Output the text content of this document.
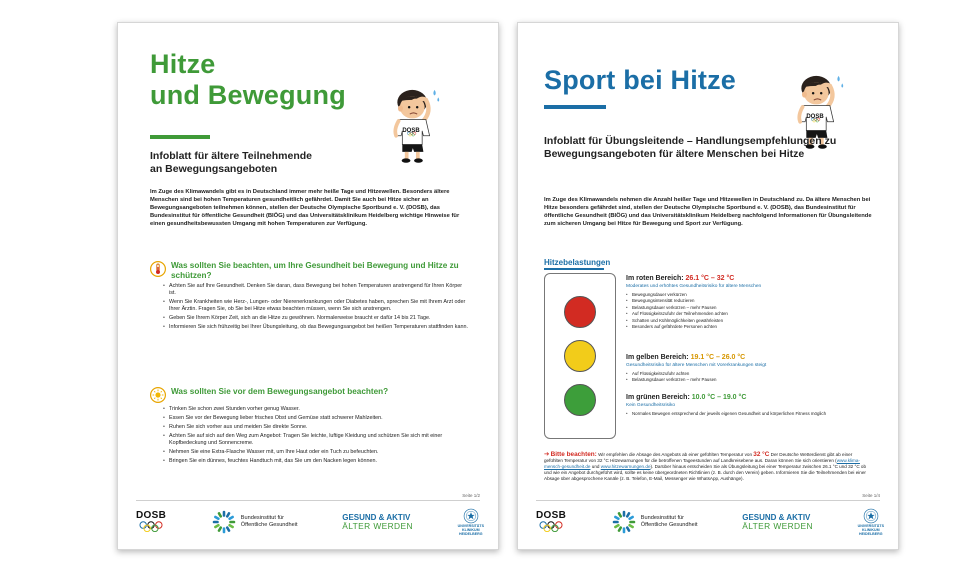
Hitze
und Bewegung
DOSB
Infoblatt für ältere Teilnehmende
an Bewegungsangeboten

Im Zuge des Klimawandels gibt es in Deutschland immer mehr heiße Tage und Hitzewellen. Besonders ältere Menschen sind bei hohen Temperaturen gesundheitlich gefährdet. Damit Sie auch bei Hitze sicher an Bewegungsangeboten teilnehmen können, stellen der Deutsche Olympische Sportbund e. V. (DOSB), das Bundesinstitut für öffentliche Gesundheit (BIÖG) und das Universitätsklinikum Heidelberg wichtige Hinweise für einen gesundheitsbewussten Umgang mit hohen Temperaturen zur Verfügung.

Was sollten Sie beachten, um Ihre Gesundheit bei Bewegung und Hitze zu schützen?
• Achten Sie auf Ihre Gesundheit. Denken Sie daran, dass Bewegung bei hohen Temperaturen anstrengend für Ihren Körper ist.
• Wenn Sie Krankheiten wie Herz-, Lungen- oder Nierenerkrankungen oder Diabetes haben, sprechen Sie mit Ihrem Arzt oder Ihrer Ärztin. Fragen Sie, ob Sie bei Hitze etwas beachten müssen, wenn Sie sich anstrengen.
• Geben Sie Ihrem Körper Zeit, sich an die Hitze zu gewöhnen. Normalerweise braucht er dafür 14 bis 21 Tage.
• Informieren Sie sich frühzeitig bei Ihrer Übungsleitung, ob das Bewegungsangebot bei heißen Temperaturen stattfinden kann.
Was sollten Sie vor dem Bewegungsangebot beachten?
• Trinken Sie schon zwei Stunden vorher genug Wasser.
• Essen Sie vor der Bewegung lieber frisches Obst und Gemüse statt schwerer Mahlzeiten.
• Ruhen Sie sich vorher aus und meiden Sie direkte Sonne.
• Achten Sie auf sich auf den Weg zum Angebot: Tragen Sie leichte, luftige Kleidung und schützen Sie sich mit einer Kopfbedeckung und Sonnencreme.
• Nehmen Sie eine Extra-Flasche Wasser mit, um Ihre Haut oder ein Tuch zu befeuchten.
• Bringen Sie ein dünnes, feuchtes Handtuch mit, das Sie um den Nacken legen können.
Seite 1/2
DOSB	Bundesinstitut für
Öffentliche Gesundheit
GESUND & AKTIV
ÄLTER WERDEN	UNIVERSITÄTS
KLINIKUM
HEIDELBERG
Sport bei Hitze
DOSB
Infoblatt für Übungsleitende – Handlungsempfehlungen zu Bewegungsangeboten für ältere Menschen bei Hitze

Im Zuge des Klimawandels nehmen die Anzahl heißer Tage und Hitzewellen in Deutschland zu. Da ältere Menschen bei Hitze besonders gefährdet sind, stellen der Deutsche Olympische Sportbund e. V. (DOSB), das Bundesinstitut für öffentliche Gesundheit (BIÖG) und das Universitätsklinikum Heidelberg nachfolgend Informationen für Übungsleitende zum sicheren Umgang bei Hitze für Bewegung und Sport zur Verfügung.

Hitzebelastungen
Im roten Bereich: 26.1 °C – 32 °C
Moderates und erhöhtes Gesundheitsrisiko für ältere Menschen
• Bewegungsdauer verkürzen
• Bewegungsintensität reduzieren
• Belastungsdauer verkürzen – mehr Pausen
• Auf Flüssigkeitszufuhr der Teilnehmenden achten
• Schatten und Kühlmöglichkeiten gewährleisten
• Besonders auf gefährdete Personen achten
Im gelben Bereich: 19.1 °C – 26.0 °C
Gesundheitsrisiko für ältere Menschen mit Vorerkrankungen steigt
• Auf Flüssigkeitszufuhr achten
• Belastungsdauer verkürzen – mehr Pausen
Im grünen Bereich: 10.0 °C – 19.0 °C
Kein Gesundheitsrisiko
• Normales Bewegen entsprechend der jeweils eigenen Gesundheit und körperlichen Fitness möglich

➔ Bitte beachten: Wir empfehlen die Absage des Angebots ab einer gefühlten Temperatur von 32 °C Der Deutsche Wetterdienst gibt ab einer gefühlten Temperatur von 32 °C Hitzewarnungen für die betroffenen Tageestunden auf Landkreisebene aus. Daran können Sie sich orientieren (www.klima-mensch-gesundheit.de und www.hitzewarnungen.de). Darüber hinaus entscheiden Sie als Übungsleitung bei einer Temperatur zwischen 26.1 °C und 32 °C ob und wie ein Angebot durchgeführt wird, sollte es keine übergeordneten Richtlinien (z. B. durch den Verein) geben. Informieren Sie die Teilnehmenden bei einer Absage über abgesprochene Kanäle (z. B. Telefon, E-Mail, Messenger wie WhatsApp, Aushänge).

Seite 1/4
DOSB	Bundesinstitut für
Öffentliche Gesundheit
GESUND & AKTIV
ÄLTER WERDEN	UNIVERSITÄTS
KLINIKUM
HEIDELBERG
